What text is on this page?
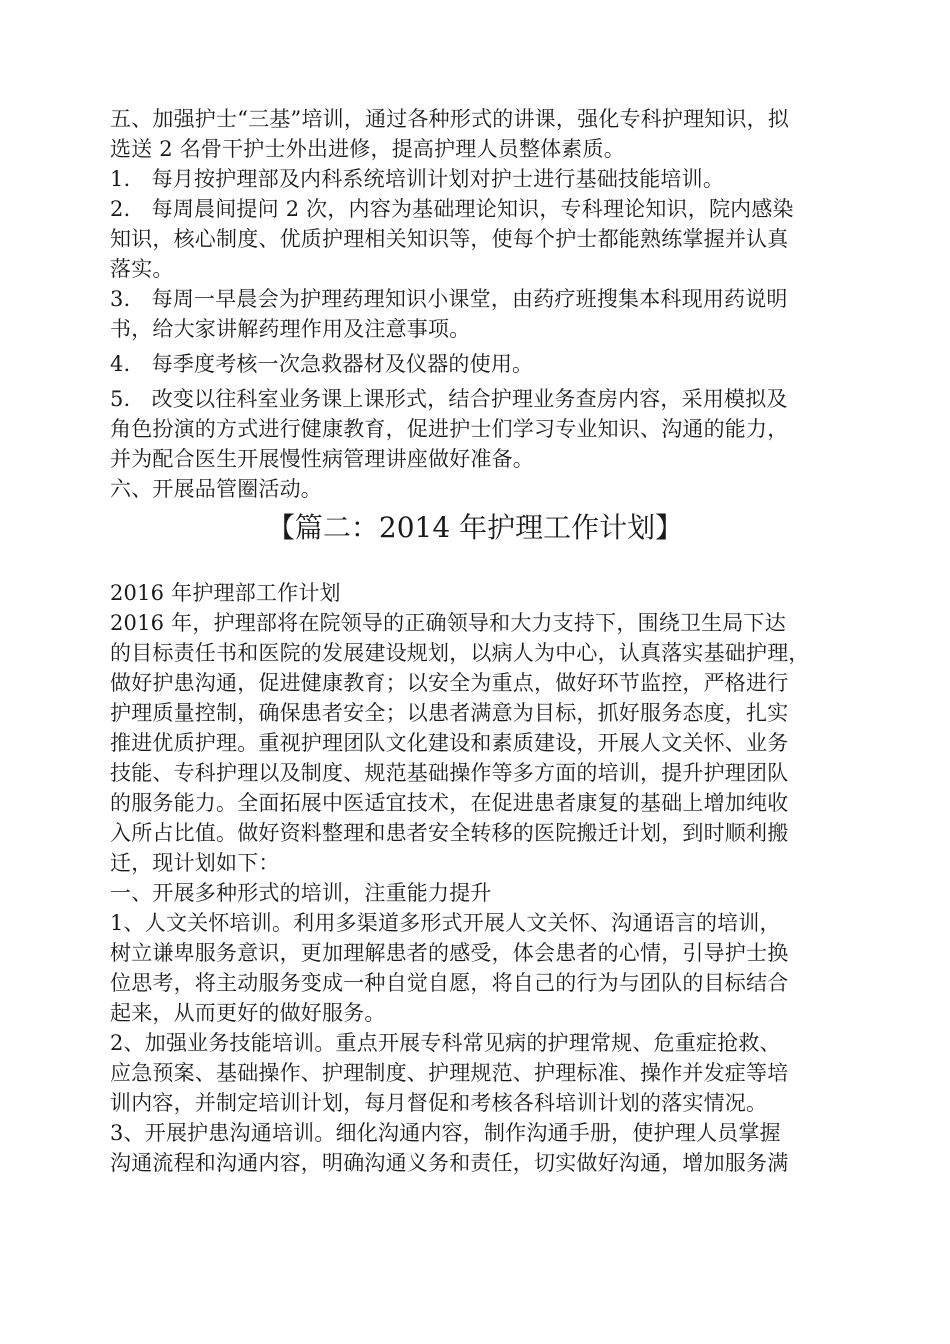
五、加强护士“三基”培训，通过各种形式的讲课，强化专科护理知识，拟
选送 2 名骨干护士外出进修，提高护理人员整体素质。
1.　每月按护理部及内科系统培训计划对护士进行基础技能培训。
2.　每周晨间提问 2 次，内容为基础理论知识，专科理论知识，院内感染
知识，核心制度、优质护理相关知识等，使每个护士都能熟练掌握并认真
落实。
3.　每周一早晨会为护理药理知识小课堂，由药疗班搜集本科现用药说明
书，给大家讲解药理作用及注意事项。
4.　每季度考核一次急救器材及仪器的使用。
5.　改变以往科室业务课上课形式，结合护理业务查房内容，采用模拟及
角色扮演的方式进行健康教育，促进护士们学习专业知识、沟通的能力，
并为配合医生开展慢性病管理讲座做好准备。
六、开展品管圈活动。
【篇二：2014 年护理工作计划】
2016 年护理部工作计划
2016 年，护理部将在院领导的正确领导和大力支持下，围绕卫生局下达
的目标责任书和医院的发展建设规划，以病人为中心，认真落实基础护理，
做好护患沟通，促进健康教育；以安全为重点，做好环节监控，严格进行
护理质量控制，确保患者安全；以患者满意为目标，抓好服务态度，扎实
推进优质护理。重视护理团队文化建设和素质建设，开展人文关怀、业务
技能、专科护理以及制度、规范基础操作等多方面的培训，提升护理团队
的服务能力。全面拓展中医适宜技术，在促进患者康复的基础上增加纯收
入所占比值。做好资料整理和患者安全转移的医院搬迁计划，到时顺利搬
迁，现计划如下：
一、开展多种形式的培训，注重能力提升
1、人文关怀培训。利用多渠道多形式开展人文关怀、沟通语言的培训，
树立谦卑服务意识，更加理解患者的感受，体会患者的心情，引导护士换
位思考，将主动服务变成一种自觉自愿，将自己的行为与团队的目标结合
起来，从而更好的做好服务。
2、加强业务技能培训。重点开展专科常见病的护理常规、危重症抢救、
应急预案、基础操作、护理制度、护理规范、护理标准、操作并发症等培
训内容，并制定培训计划，每月督促和考核各科培训计划的落实情况。
3、开展护患沟通培训。细化沟通内容，制作沟通手册，使护理人员掌握
沟通流程和沟通内容，明确沟通义务和责任，切实做好沟通，增加服务满
